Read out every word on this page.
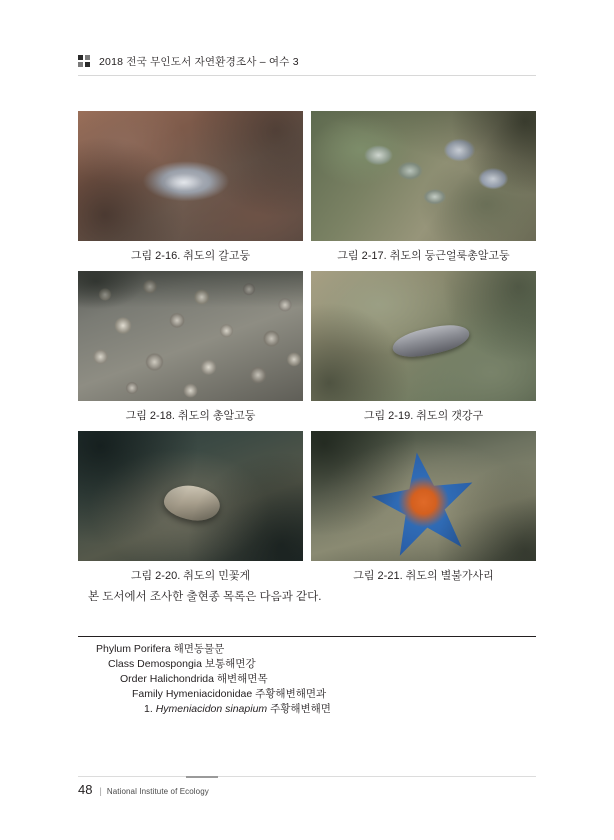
2018 전국 무인도서 자연환경조사 – 여수 3
그림 2-16. 취도의 갈고둥	그림 2-17. 취도의 둥근얼룩총알고둥
그림 2-18. 취도의 총알고둥	그림 2-19. 취도의 갯강구
그림 2-20. 취도의 민꽃게	그림 2-21. 취도의 별불가사리
본 도서에서 조사한 출현종 목록은 다음과 같다.
Phylum Porifera 해면동물문
Class Demospongia 보통해면강
Order Halichondrida 해변해면목
Family Hymeniacidonidae 주황해변해면과
1. Hymeniacidon sinapium 주황해변해면
48 | National Institute of Ecology
